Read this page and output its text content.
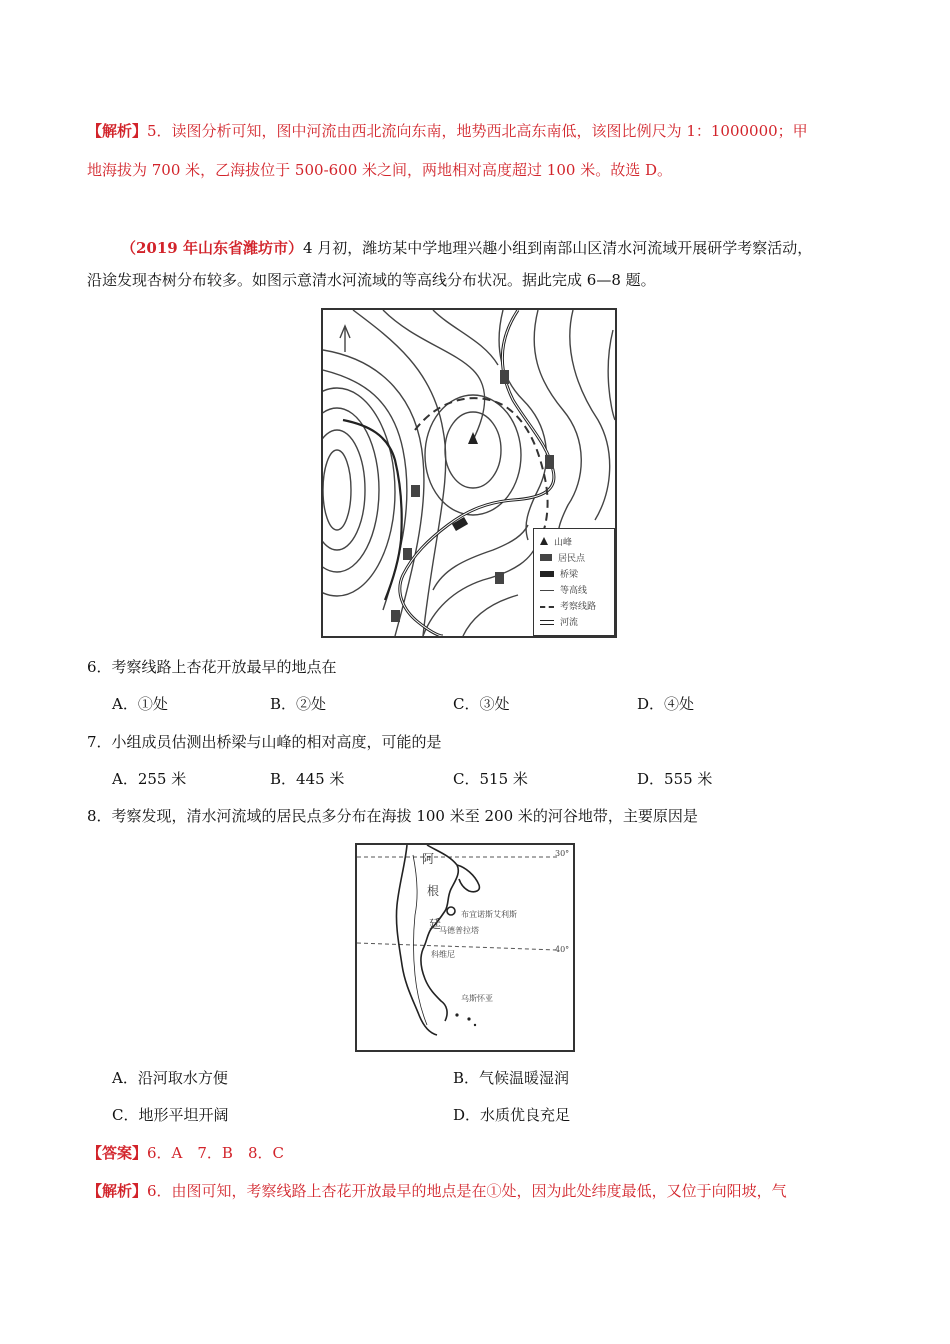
【解析】5．读图分析可知，图中河流由西北流向东南，地势西北高东南低，该图比例尺为 1：1000000；甲
地海拔为 700 米，乙海拔位于 500-600 米之间，两地相对高度超过 100 米。故选 D。
（2019 年山东省潍坊市）4 月初，潍坊某中学地理兴趣小组到南部山区清水河流域开展研学考察活动，
沿途发现杏树分布较多。如图示意清水河流域的等高线分布状况。据此完成 6—8 题。
山峰
居民点
桥梁
等高线
考察线路
河流
6．考察线路上杏花开放最早的地点在
A．①处	B．②处	C．③处	D．④处
7．小组成员估测出桥梁与山峰的相对高度，可能的是
A．255 米	B．445 米	C．515 米	D．555 米
8．考察发现，清水河流域的居民点多分布在海拔 100 米至 200 米的河谷地带，主要原因是
阿
根
廷
布宜诺斯艾利斯
马德普拉塔
科维尼
乌斯怀亚
30°
40°
A．沿河取水方便	B．气候温暖湿润
C．地形平坦开阔	D．水质优良充足
【答案】6．A　7．B　8．C
【解析】6．由图可知，考察线路上杏花开放最早的地点是在①处，因为此处纬度最低，又位于向阳坡，气
